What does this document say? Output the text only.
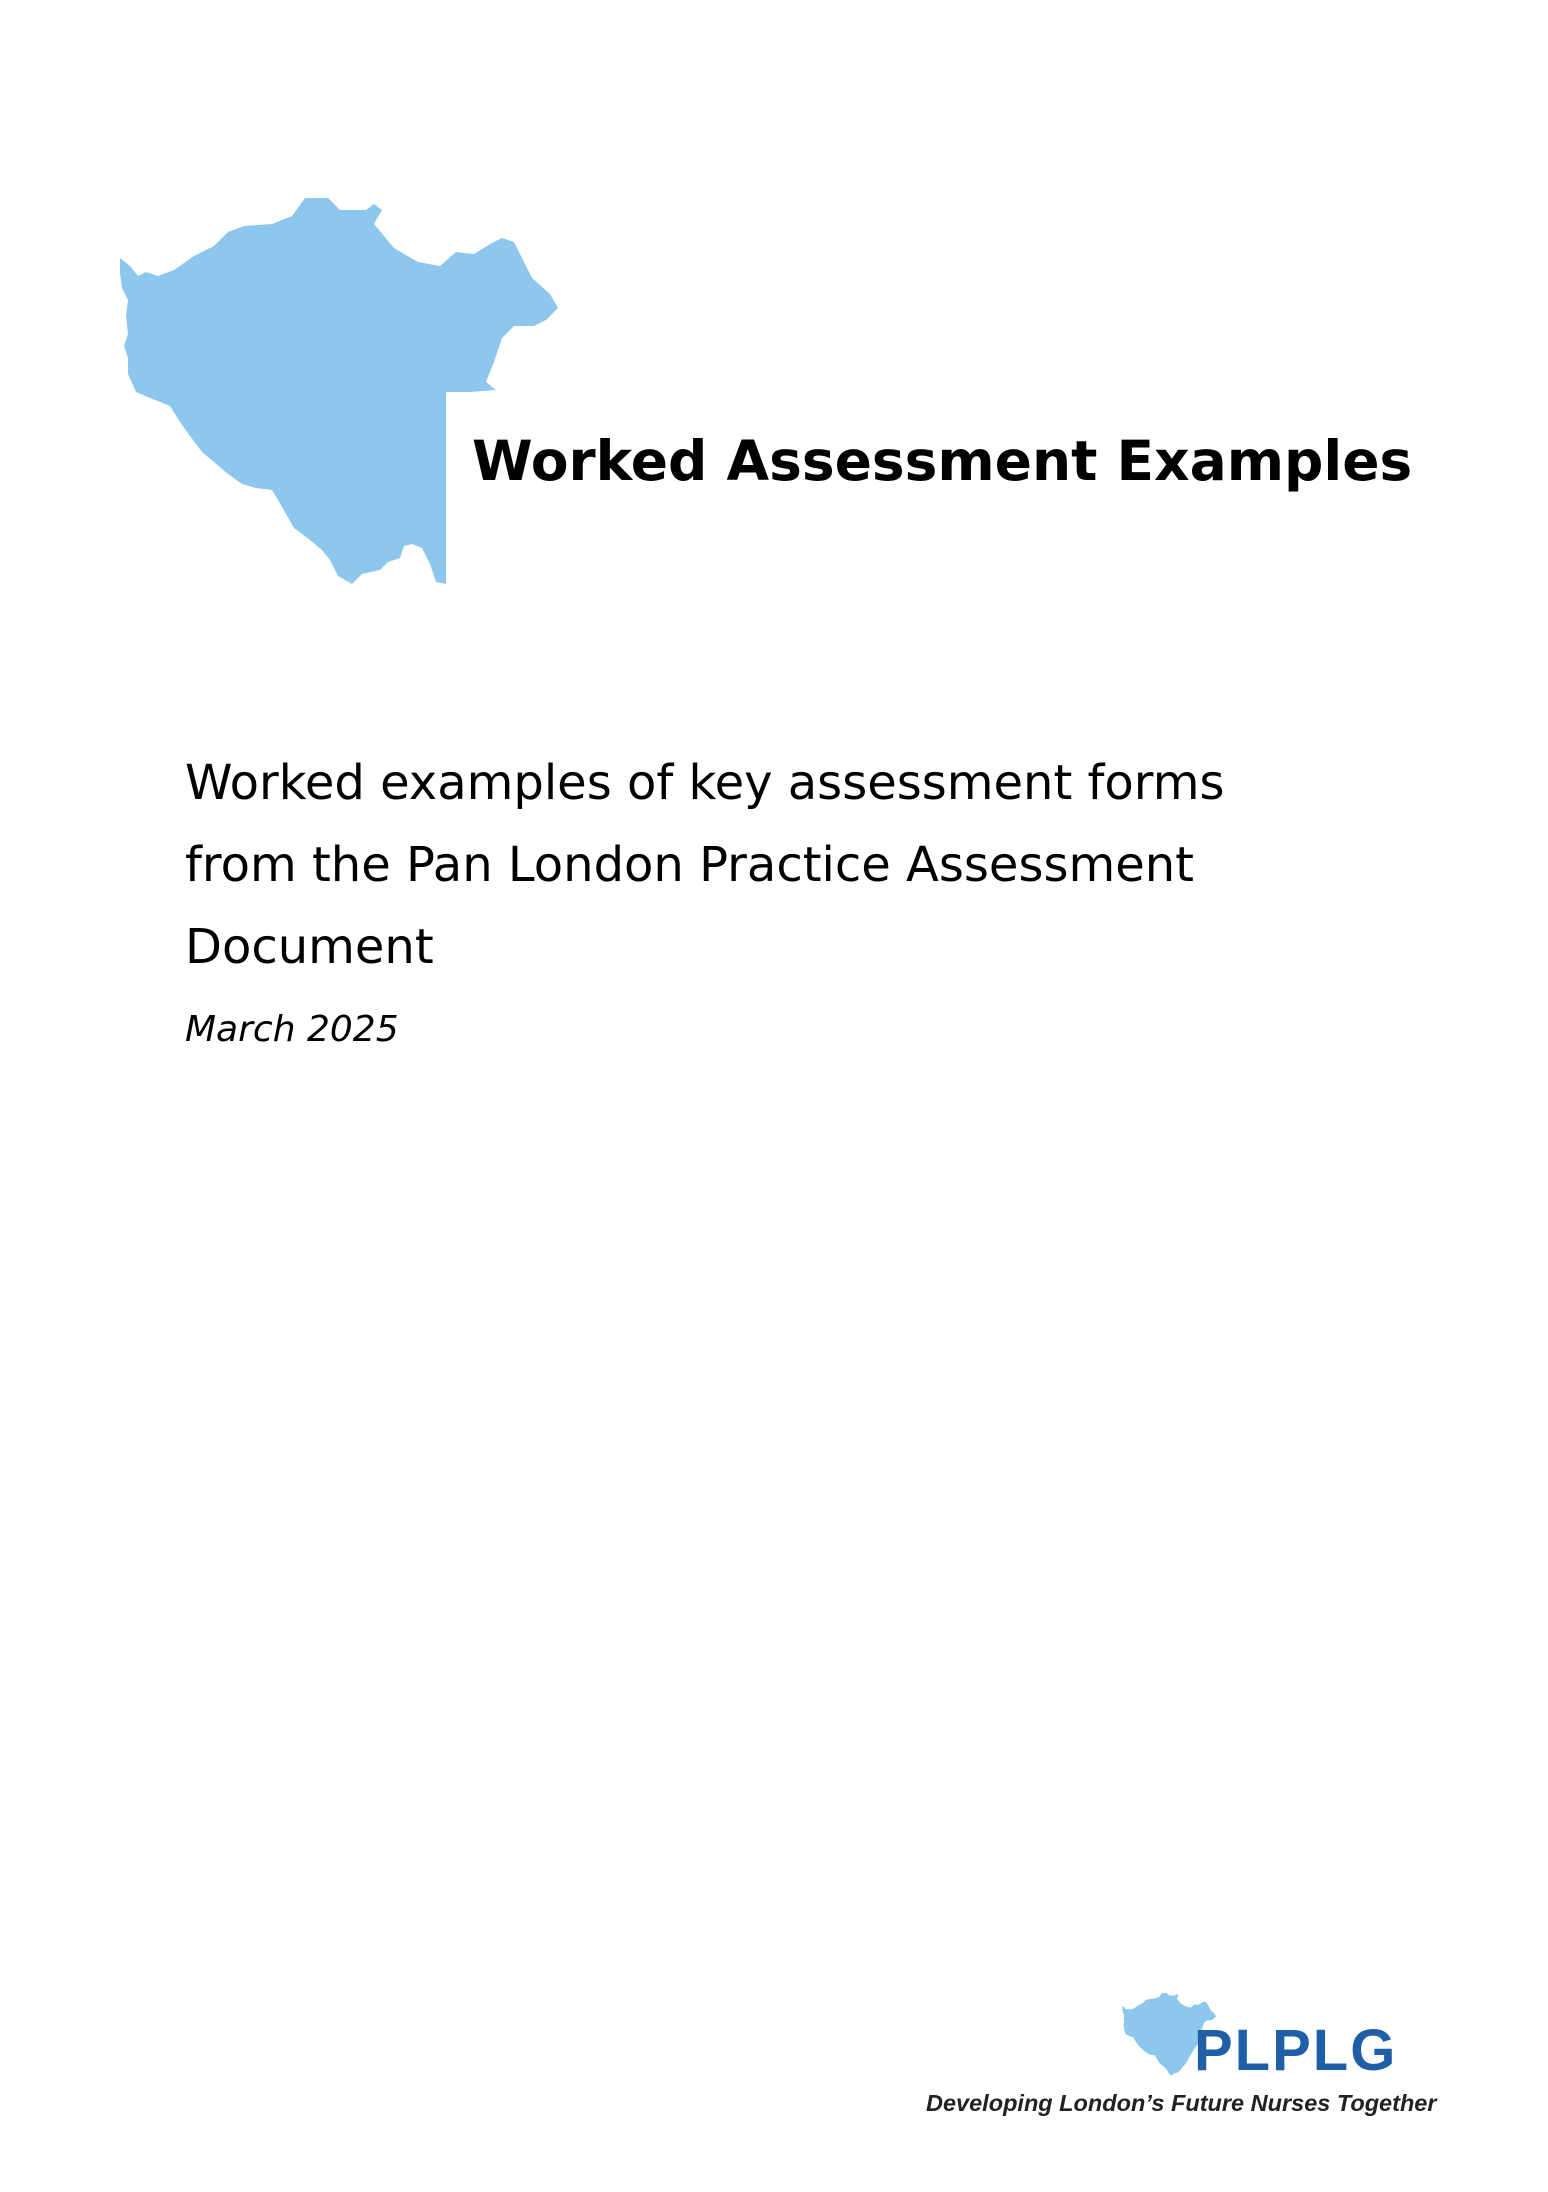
Worked Assessment Examples
Worked examples of key assessment forms
from the Pan London Practice Assessment
Document

March 2025

PLPLG

Developing London’s Future Nurses Together
